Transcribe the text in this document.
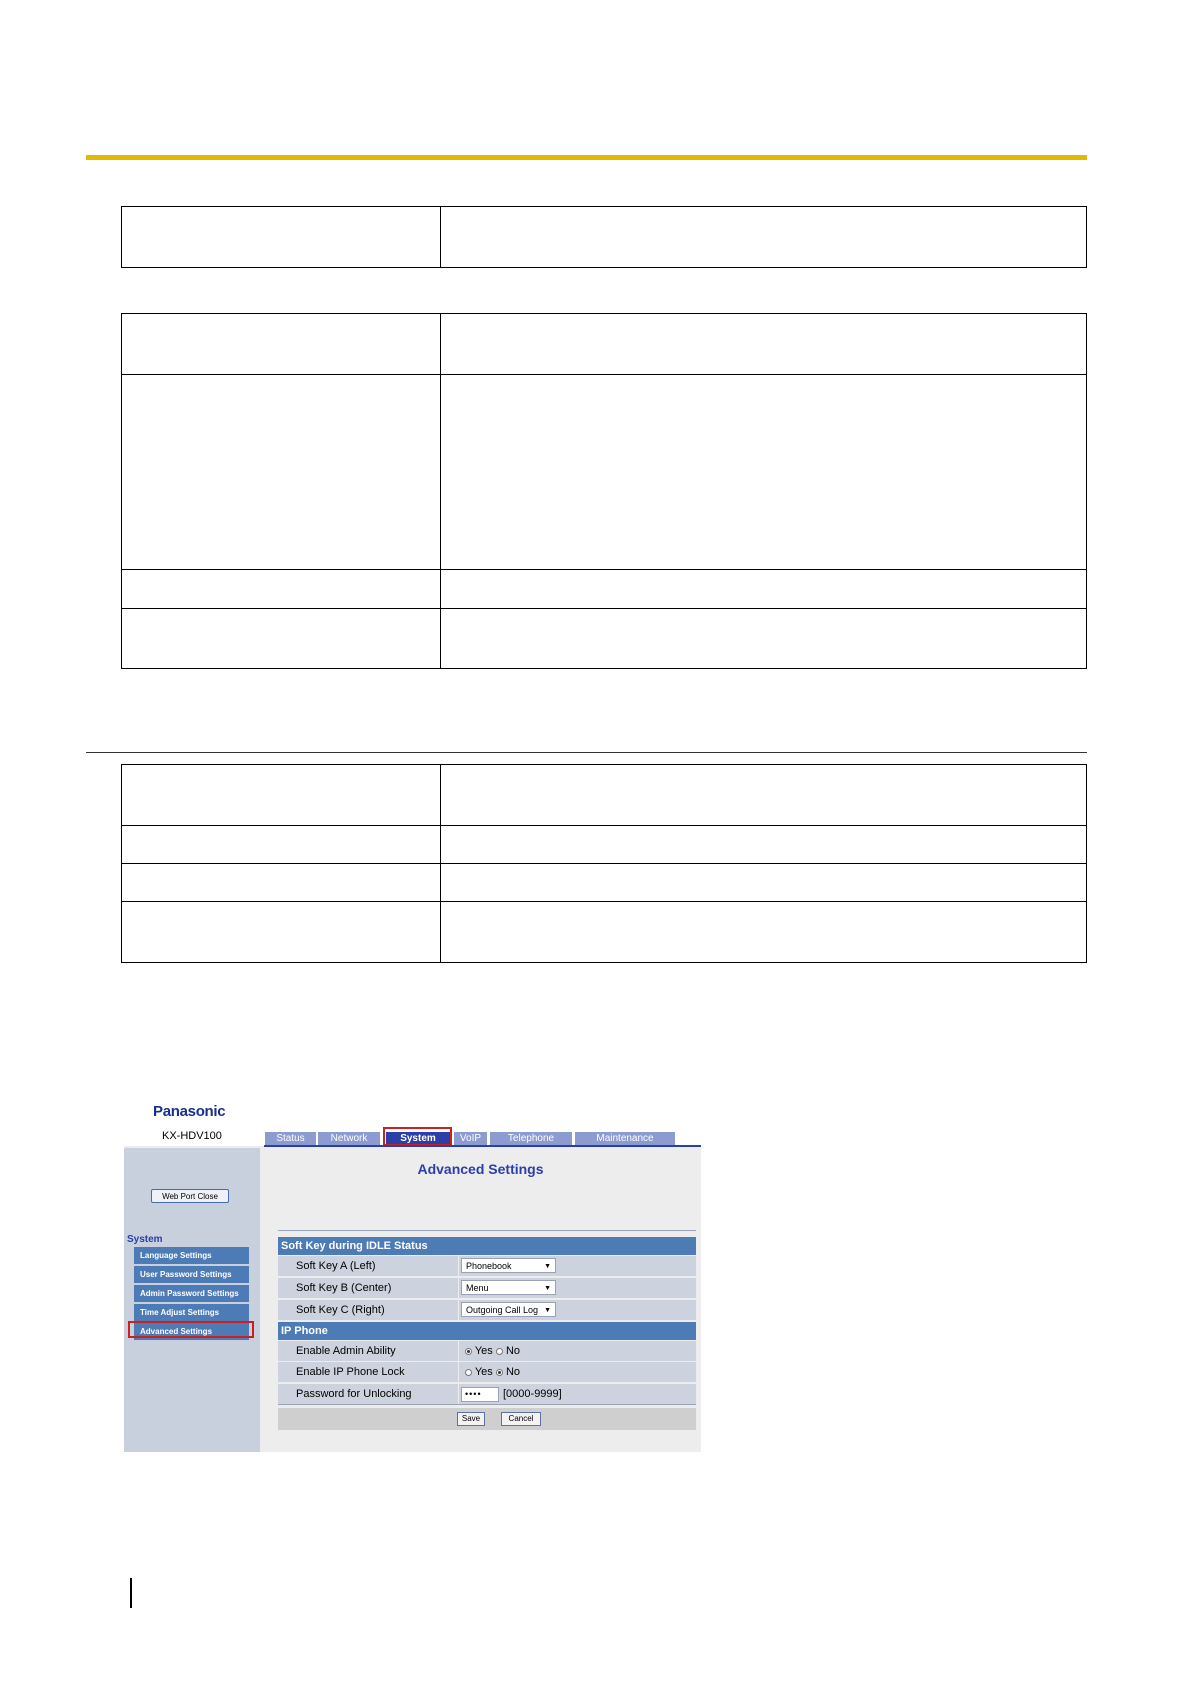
Panasonic
KX-HDV100	Status	Network	System	VoIP	Telephone	Maintenance
Web Port Close
System
Language Settings
User Password Settings
Admin Password Settings
Time Adjust Settings
Advanced Settings
Advanced Settings
Soft Key during IDLE Status
Soft Key A (Left)	Phonebook	▼
Soft Key B (Center)	Menu	▼
Soft Key C (Right)	Outgoing Call Log ▼
IP Phone
Enable Admin Ability	Yes No
Enable IP Phone Lock	Yes No
Password for Unlocking	••••	[0000-9999]
Save	Cancel
